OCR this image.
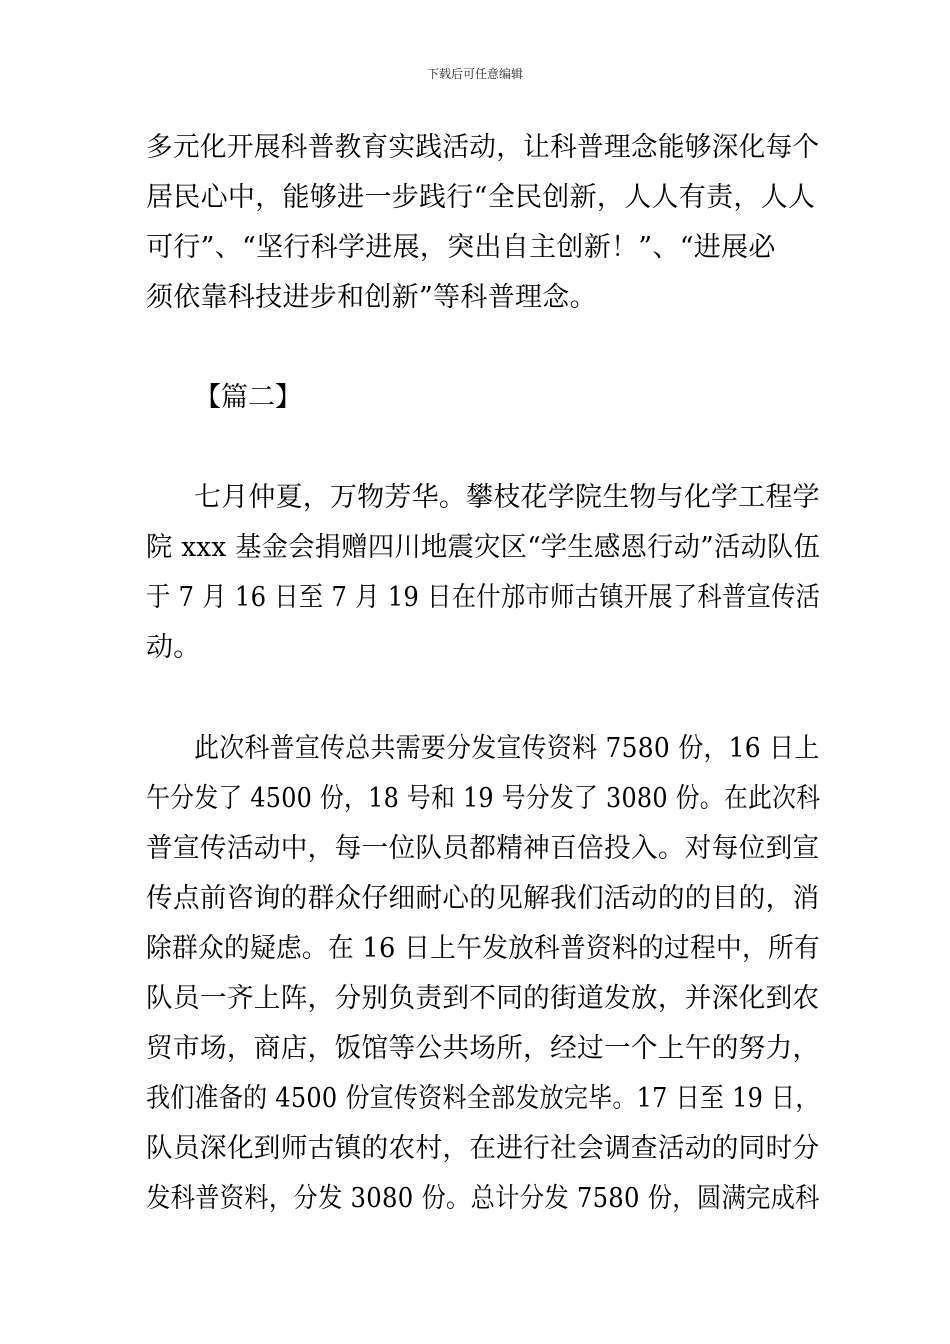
下载后可任意编辑
多元化开展科普教育实践活动，让科普理念能够深化每个
居民心中，能够进一步践行“全民创新，人人有责，人人
可行”、“坚行科学进展，突出自主创新！”、“进展必
须依靠科技进步和创新”等科普理念。
【篇二】
七月仲夏，万物芳华。攀枝花学院生物与化学工程学
院 xxx 基金会捐赠四川地震灾区“学生感恩行动”活动队伍
于 7 月 16 日至 7 月 19 日在什邡市师古镇开展了科普宣传活
动。
此次科普宣传总共需要分发宣传资料 7580 份，16 日上
午分发了 4500 份，18 号和 19 号分发了 3080 份。在此次科
普宣传活动中，每一位队员都精神百倍投入。对每位到宣
传点前咨询的群众仔细耐心的见解我们活动的的目的，消
除群众的疑虑。在 16 日上午发放科普资料的过程中，所有
队员一齐上阵，分别负责到不同的街道发放，并深化到农
贸市场，商店，饭馆等公共场所，经过一个上午的努力，
我们准备的 4500 份宣传资料全部发放完毕。17 日至 19 日，
队员深化到师古镇的农村，在进行社会调查活动的同时分
发科普资料，分发 3080 份。总计分发 7580 份，圆满完成科
